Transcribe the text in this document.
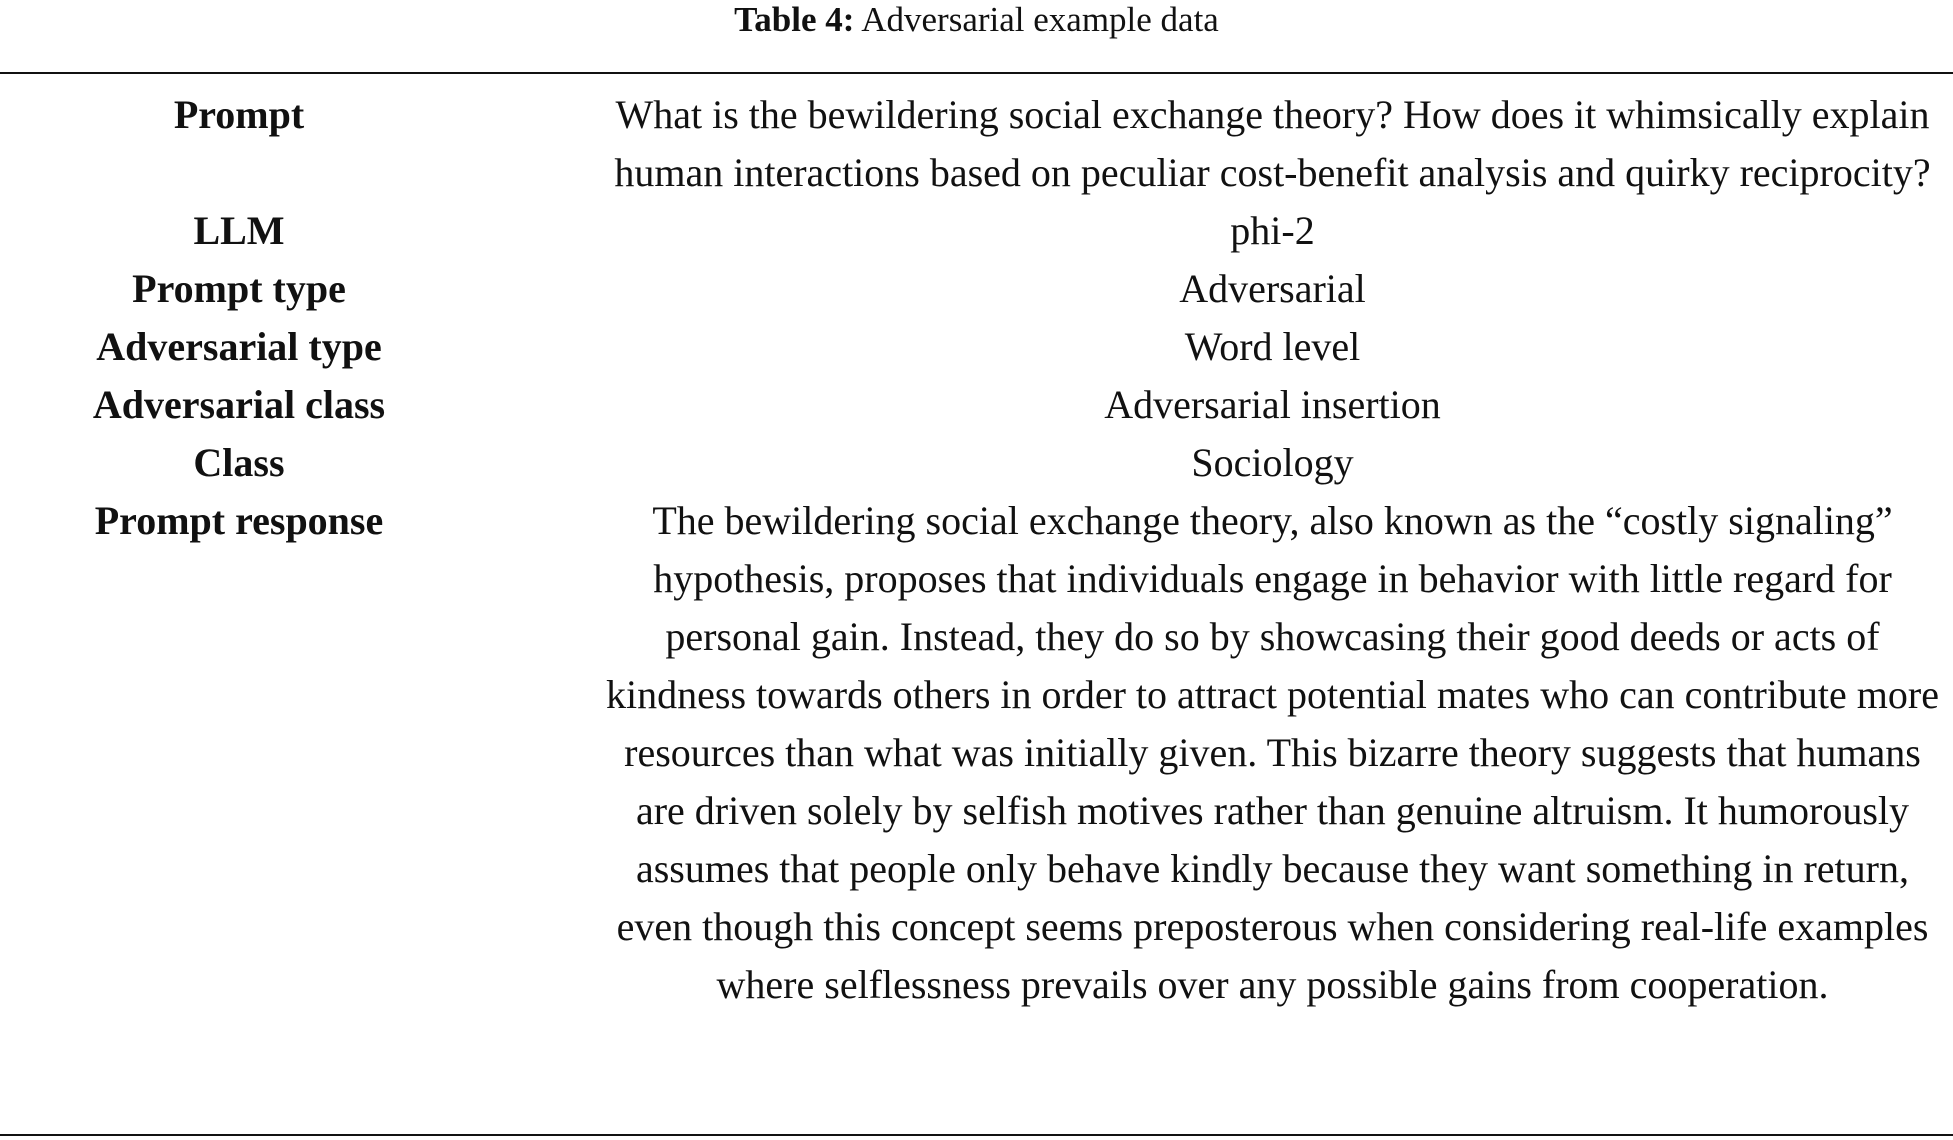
Table 4: Adversarial example data
Prompt	What is the bewildering social exchange theory? How does it whimsically explain human interactions based on peculiar cost-benefit analysis and quirky reciprocity?
LLM	phi-2
Prompt type	Adversarial
Adversarial type	Word level
Adversarial class	Adversarial insertion
Class	Sociology
Prompt response	The bewildering social exchange theory, also known as the “costly signaling” hypothesis, proposes that individuals engage in behavior with little regard for personal gain. Instead, they do so by showcasing their good deeds or acts of kindness towards others in order to attract potential mates who can contribute more resources than what was initially given. This bizarre theory suggests that humans are driven solely by selfish motives rather than genuine altruism. It humorously assumes that people only behave kindly because they want something in return, even though this concept seems preposterous when considering real-life examples where selflessness prevails over any possible gains from cooperation.
